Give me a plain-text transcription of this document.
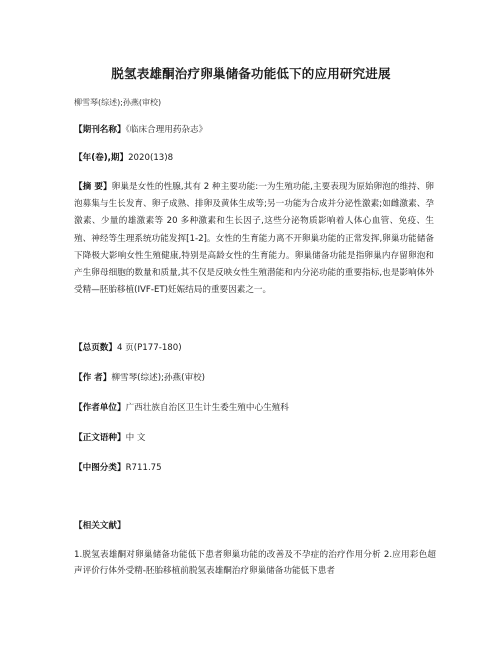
脱氢表雄酮治疗卵巢储备功能低下的应用研究进展
柳雪琴(综述);孙燕(审校)
【期刊名称】《临床合理用药杂志》
【年(卷),期】2020(13)8
【摘 要】卵巢是女性的性腺,其有 2 种主要功能:一为生殖功能,主要表现为原始卵泡的维持、卵泡募集与生长发育、卵子成熟、排卵及黄体生成等;另一功能为合成并分泌性激素;如雌激素、孕激素、少量的雄激素等 20 多种激素和生长因子,这些分泌物质影响着人体心血管、免疫、生殖、神经等生理系统功能发挥[1-2]。女性的生育能力离不开卵巢功能的正常发挥,卵巢功能储备下降极大影响女性生殖健康,特别是高龄女性的生育能力。卵巢储备功能是指卵巢内存留卵泡和产生卵母细胞的数量和质量,其不仅是反映女性生殖潜能和内分泌功能的重要指标,也是影响体外受精—胚胎移植(IVF-ET)妊娠结局的重要因素之一。
【总页数】4 页(P177-180)
【作 者】柳雪琴(综述);孙燕(审校)
【作者单位】广西壮族自治区卫生计生委生殖中心生殖科
【正文语种】中 文
【中图分类】R711.75
【相关文献】
1.脱氢表雄酮对卵巢储备功能低下患者卵巢功能的改善及不孕症的治疗作用分析 2.应用彩色超声评价行体外受精-胚胎移植前脱氢表雄酮治疗卵巢储备功能低下患者
